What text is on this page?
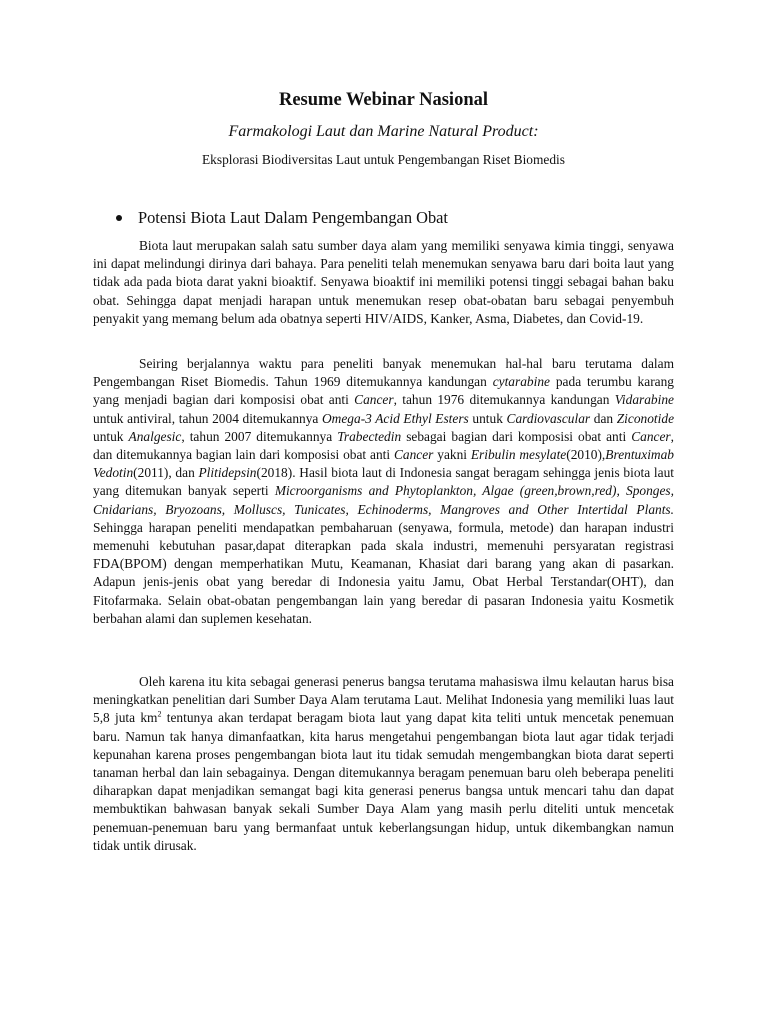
Resume Webinar Nasional

Farmakologi Laut dan Marine Natural Product:

Eksplorasi Biodiversitas Laut untuk Pengembangan Riset Biomedis

Potensi Biota Laut Dalam Pengembangan Obat

Biota laut merupakan salah satu sumber daya alam yang memiliki senyawa kimia tinggi, senyawa ini dapat melindungi dirinya dari bahaya. Para peneliti telah menemukan senyawa baru dari boita laut yang tidak ada pada biota darat yakni bioaktif. Senyawa bioaktif ini memiliki potensi tinggi sebagai bahan baku obat. Sehingga dapat menjadi harapan untuk menemukan resep obat-obatan baru sebagai penyembuh penyakit yang memang belum ada obatnya seperti HIV/AIDS, Kanker, Asma, Diabetes, dan Covid-19.

Seiring berjalannya waktu para peneliti banyak menemukan hal-hal baru terutama dalam Pengembangan Riset Biomedis. Tahun 1969 ditemukannya kandungan cytarabine pada terumbu karang yang menjadi bagian dari komposisi obat anti Cancer, tahun 1976 ditemukannya kandungan Vidarabine untuk antiviral, tahun 2004 ditemukannya Omega-3 Acid Ethyl Esters untuk Cardiovascular dan Ziconotide untuk Analgesic, tahun 2007 ditemukannya Trabectedin sebagai bagian dari komposisi obat anti Cancer, dan ditemukannya bagian lain dari komposisi obat anti Cancer yakni Eribulin mesylate(2010),Brentuximab Vedotin(2011), dan Plitidepsin(2018). Hasil biota laut di Indonesia sangat beragam sehingga jenis biota laut yang ditemukan banyak seperti Microorganisms and Phytoplankton, Algae (green,brown,red), Sponges, Cnidarians, Bryozoans, Molluscs, Tunicates, Echinoderms, Mangroves and Other Intertidal Plants. Sehingga harapan peneliti mendapatkan pembaharuan (senyawa, formula, metode) dan harapan industri memenuhi kebutuhan pasar,dapat diterapkan pada skala industri, memenuhi persyaratan registrasi FDA(BPOM) dengan memperhatikan Mutu, Keamanan, Khasiat dari barang yang akan di pasarkan. Adapun jenis-jenis obat yang beredar di Indonesia yaitu Jamu, Obat Herbal Terstandar(OHT), dan Fitofarmaka. Selain obat-obatan pengembangan lain yang beredar di pasaran Indonesia yaitu Kosmetik berbahan alami dan suplemen kesehatan.

Oleh karena itu kita sebagai generasi penerus bangsa terutama mahasiswa ilmu kelautan harus bisa meningkatkan penelitian dari Sumber Daya Alam terutama Laut. Melihat Indonesia yang memiliki luas laut 5,8 juta $km^2$ tentunya akan terdapat beragam biota laut yang dapat kita teliti untuk mencetak penemuan baru. Namun tak hanya dimanfaatkan, kita harus mengetahui pengembangan biota laut agar tidak terjadi kepunahan karena proses pengembangan biota laut itu tidak semudah mengembangkan biota darat seperti tanaman herbal dan lain sebagainya. Dengan ditemukannya beragam penemuan baru oleh beberapa peneliti diharapkan dapat menjadikan semangat bagi kita generasi penerus bangsa untuk mencari tahu dan dapat membuktikan bahwasan banyak sekali Sumber Daya Alam yang masih perlu diteliti untuk mencetak penemuan-penemuan baru yang bermanfaat untuk keberlangsungan hidup, untuk dikembangkan namun tidak untik dirusak.
